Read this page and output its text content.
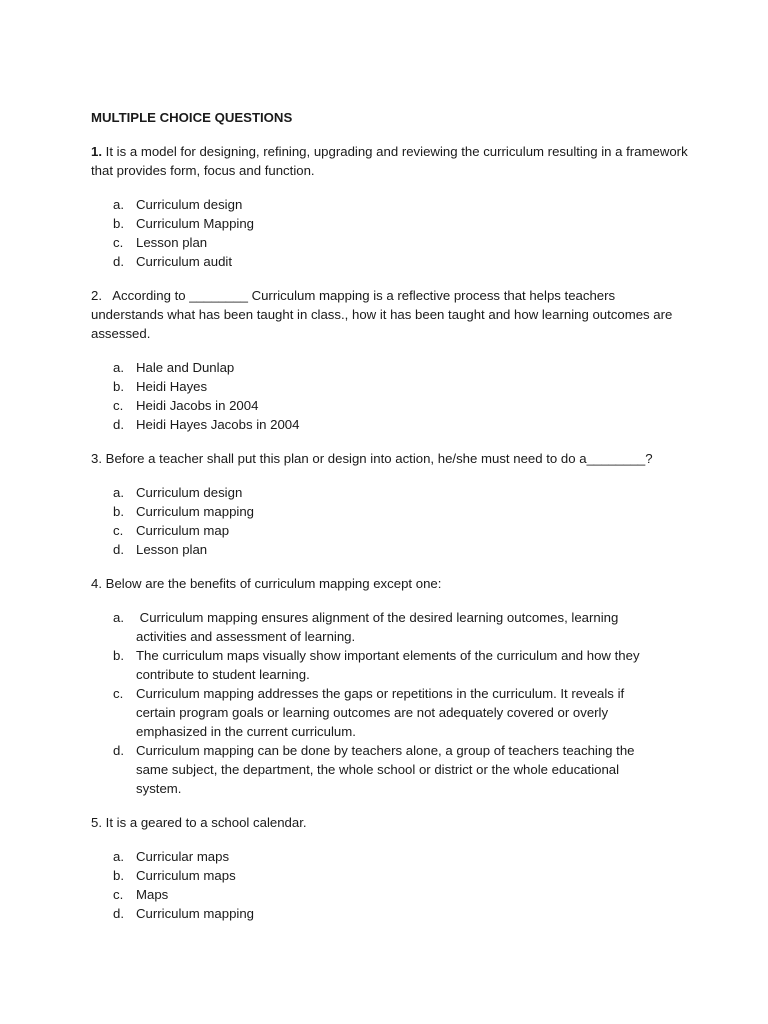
MULTIPLE CHOICE QUESTIONS
1. It is a model for designing, refining, upgrading and reviewing the curriculum resulting in a framework that provides form, focus and function.
a. Curriculum design
b. Curriculum Mapping
c. Lesson plan
d. Curriculum audit
2.   According to ________ Curriculum mapping is a reflective process that helps teachers understands what has been taught in class., how it has been taught and how learning outcomes are assessed.
a. Hale and Dunlap
b. Heidi Hayes
c. Heidi Jacobs in 2004
d. Heidi Hayes Jacobs in 2004
3. Before a teacher shall put this plan or design into action, he/she must need to do a________?
a. Curriculum design
b. Curriculum mapping
c. Curriculum map
d. Lesson plan
4. Below are the benefits of curriculum mapping except one:
a. Curriculum mapping ensures alignment of the desired learning outcomes, learning activities and assessment of learning.
b. The curriculum maps visually show important elements of the curriculum and how they contribute to student learning.
c. Curriculum mapping addresses the gaps or repetitions in the curriculum. It reveals if certain program goals or learning outcomes are not adequately covered or overly emphasized in the current curriculum.
d. Curriculum mapping can be done by teachers alone, a group of teachers teaching the same subject, the department, the whole school or district or the whole educational system.
5. It is a geared to a school calendar.
a. Curricular maps
b. Curriculum maps
c. Maps
d. Curriculum mapping
